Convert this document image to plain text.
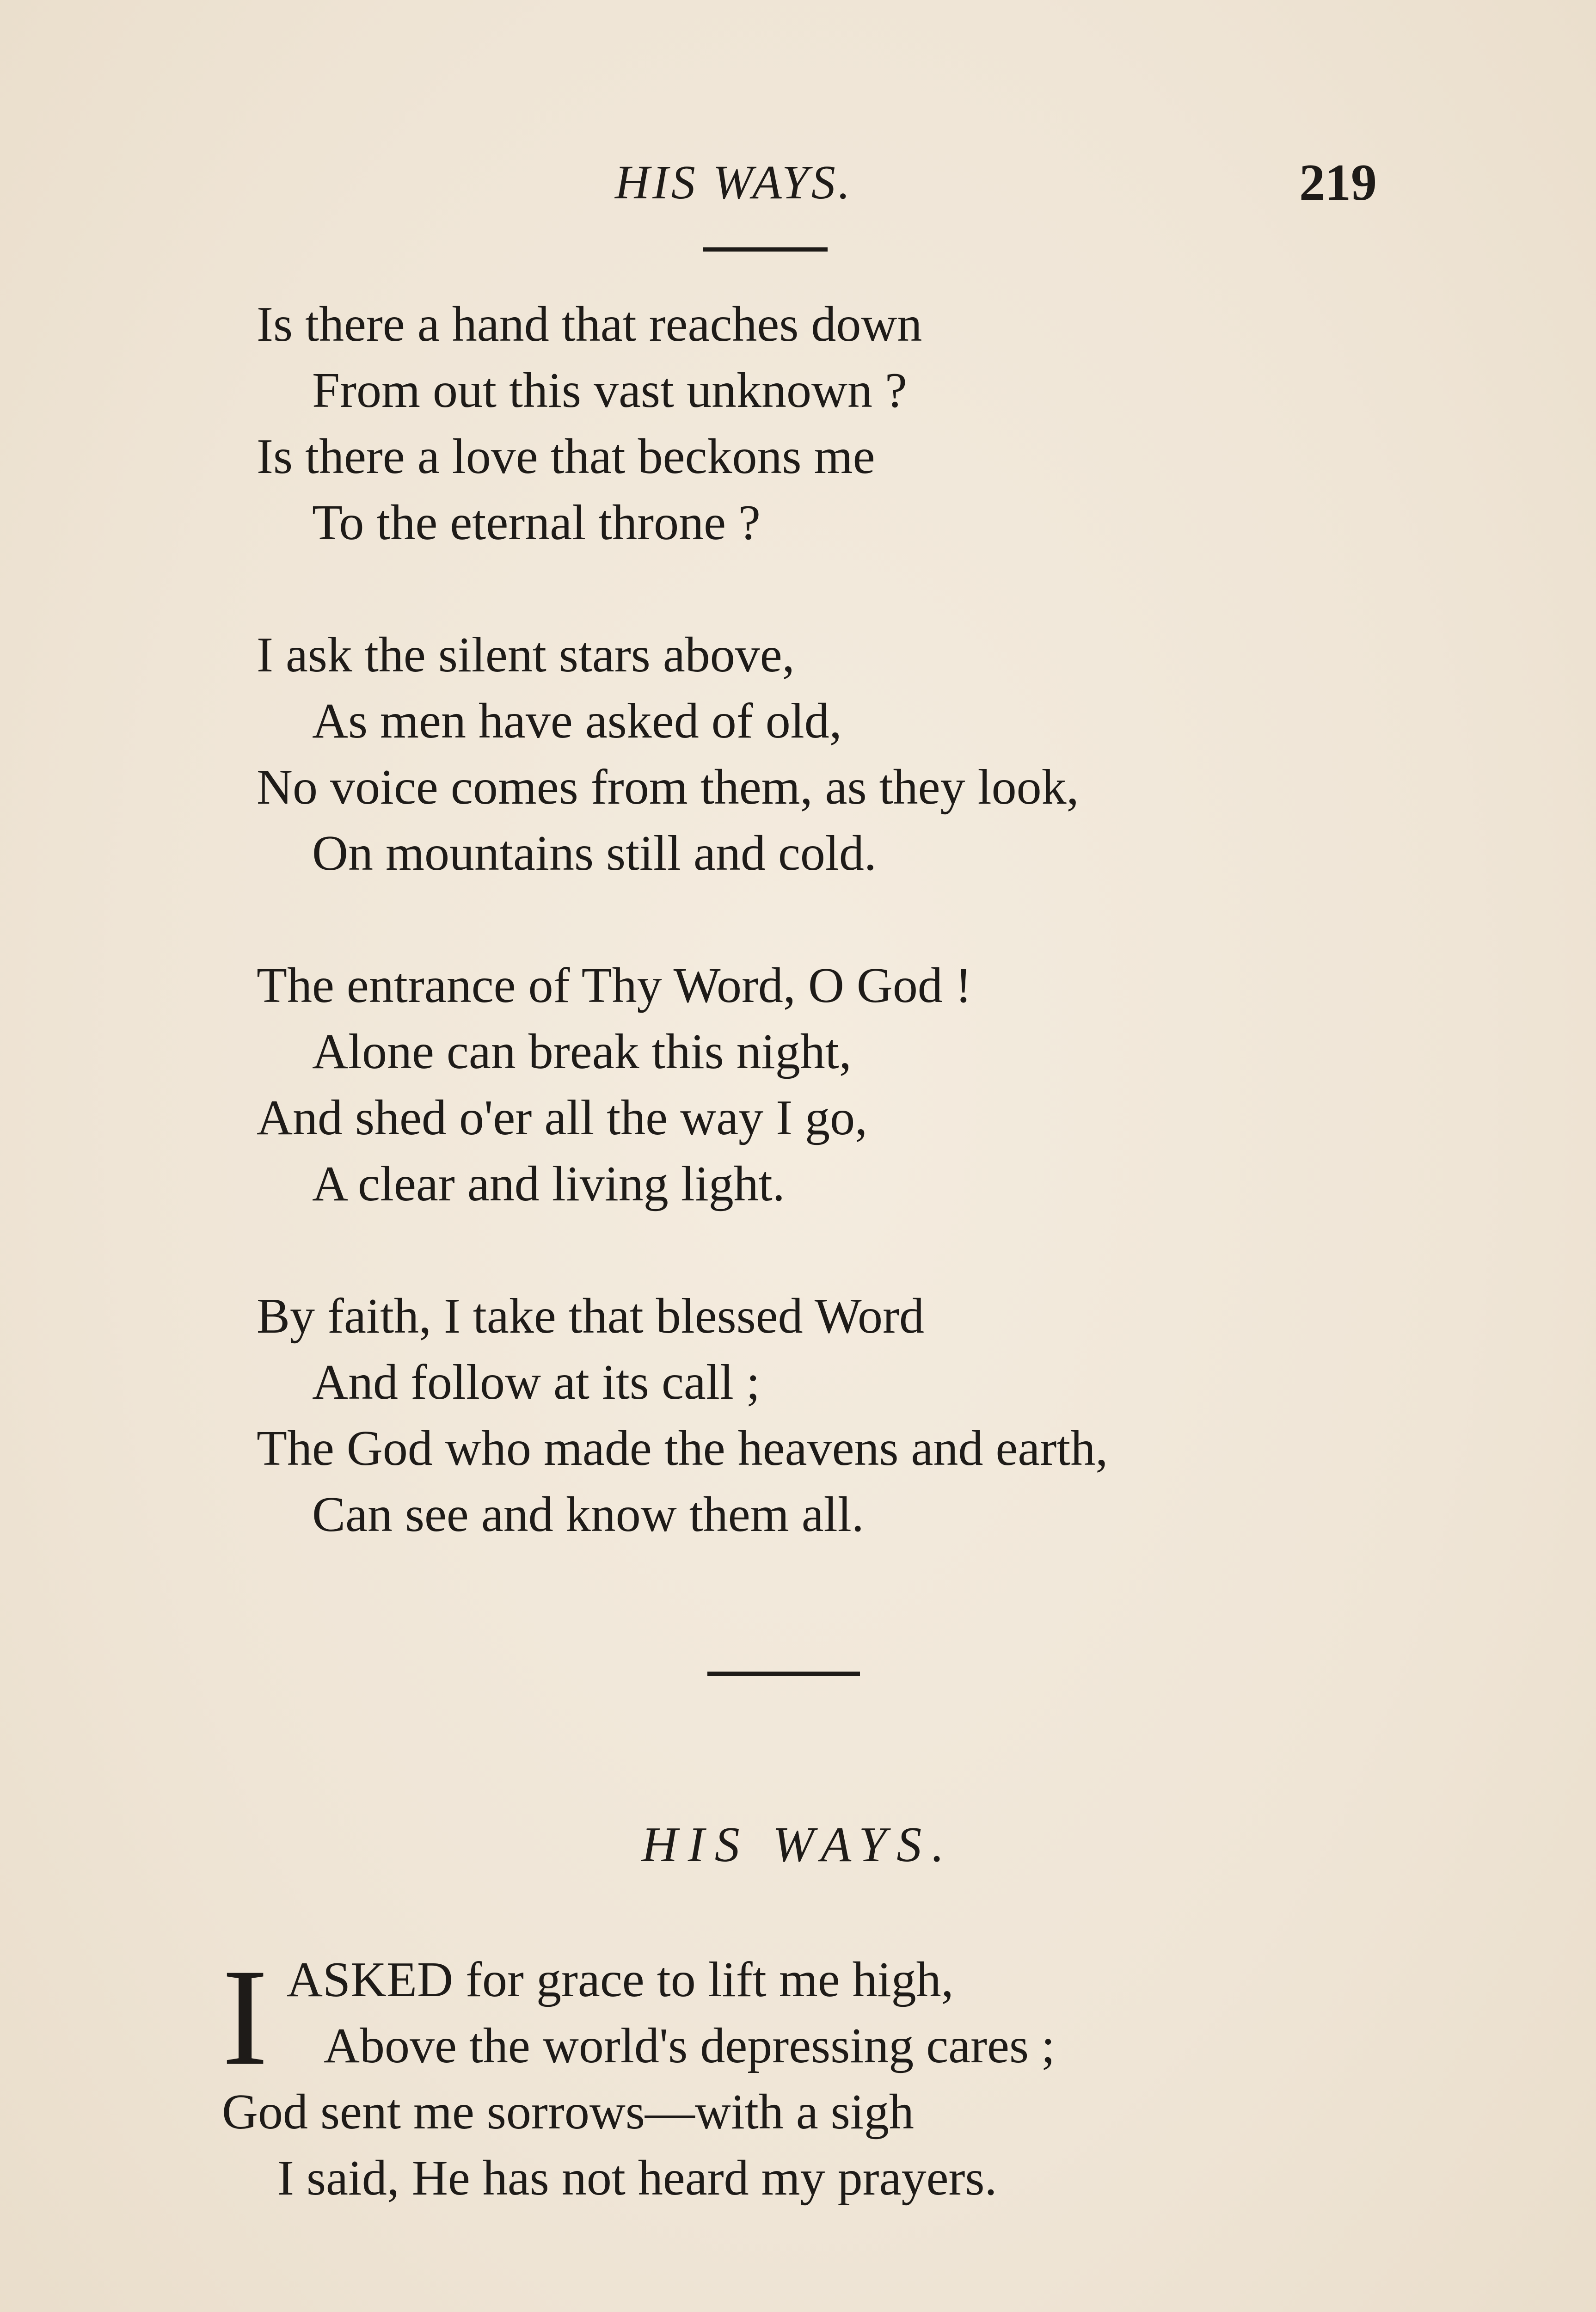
HIS WAYS.	219
Is there a hand that reaches down
From out this vast unknown ?
Is there a love that beckons me
To the eternal throne ?
I ask the silent stars above,
As men have asked of old,
No voice comes from them, as they look,
On mountains still and cold.
The entrance of Thy Word, O God !
Alone can break this night,
And shed o'er all the way I go,
A clear and living light.
By faith, I take that blessed Word
And follow at its call ;
The God who made the heavens and earth,
Can see and know them all.
HIS WAYS.
I ASKED for grace to lift me high,
Above the world's depressing cares ;
God sent me sorrows—with a sigh
I said, He has not heard my prayers.
